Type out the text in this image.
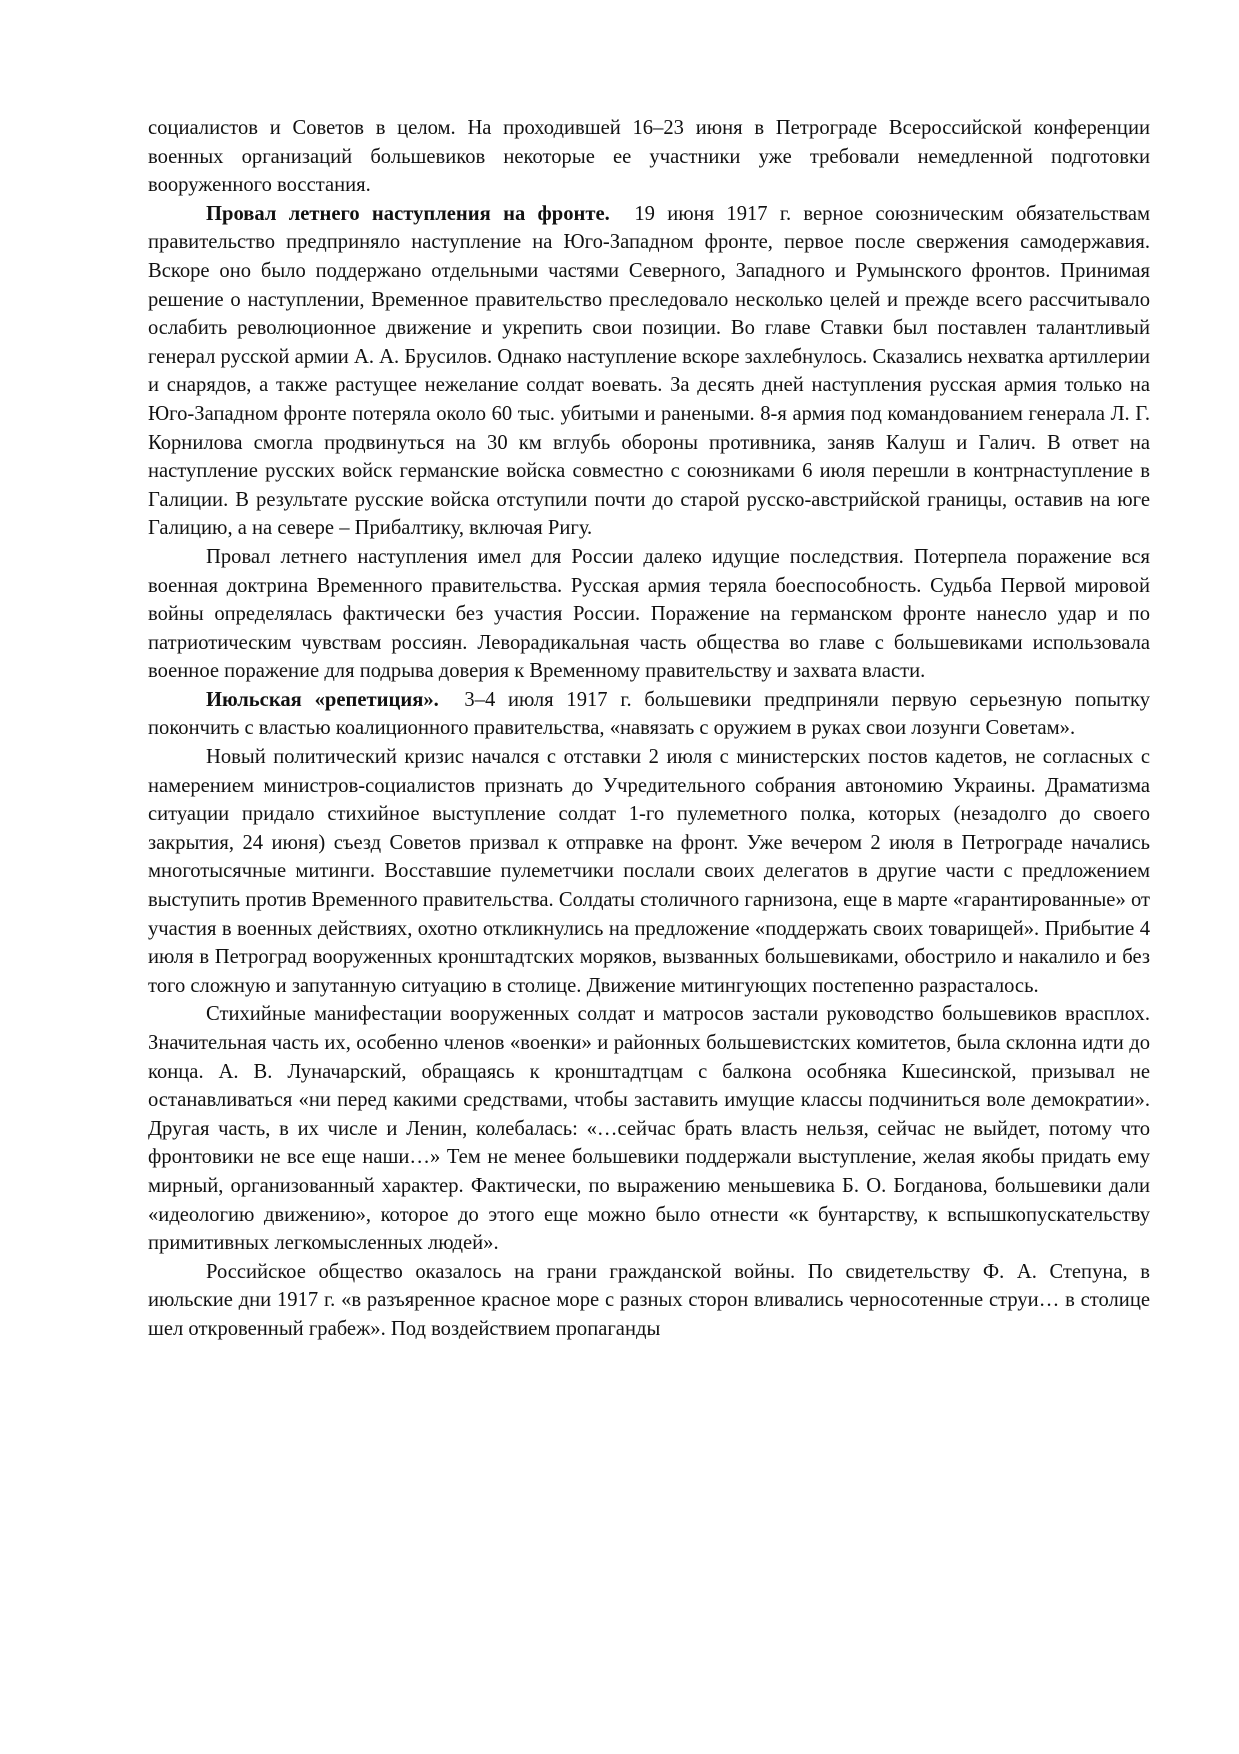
социалистов и Советов в целом. На проходившей 16–23 июня в Петрограде Всероссийской конференции военных организаций большевиков некоторые ее участники уже требовали немедленной подготовки вооруженного восстания.

Провал летнего наступления на фронте. 19 июня 1917 г. верное союзническим обязательствам правительство предприняло наступление на Юго-Западном фронте, первое после свержения самодержавия. Вскоре оно было поддержано отдельными частями Северного, Западного и Румынского фронтов. Принимая решение о наступлении, Временное правительство преследовало несколько целей и прежде всего рассчитывало ослабить революционное движение и укрепить свои позиции. Во главе Ставки был поставлен талантливый генерал русской армии А. А. Брусилов. Однако наступление вскоре захлебнулось. Сказались нехватка артиллерии и снарядов, а также растущее нежелание солдат воевать. За десять дней наступления русская армия только на Юго-Западном фронте потеряла около 60 тыс. убитыми и ранеными. 8-я армия под командованием генерала Л. Г. Корнилова смогла продвинуться на 30 км вглубь обороны противника, заняв Калуш и Галич. В ответ на наступление русских войск германские войска совместно с союзниками 6 июля перешли в контрнаступление в Галиции. В результате русские войска отступили почти до старой русско-австрийской границы, оставив на юге Галицию, а на севере – Прибалтику, включая Ригу.

Провал летнего наступления имел для России далеко идущие последствия. Потерпела поражение вся военная доктрина Временного правительства. Русская армия теряла боеспособность. Судьба Первой мировой войны определялась фактически без участия России. Поражение на германском фронте нанесло удар и по патриотическим чувствам россиян. Леворадикальная часть общества во главе с большевиками использовала военное поражение для подрыва доверия к Временному правительству и захвата власти.

Июльская «репетиция». 3–4 июля 1917 г. большевики предприняли первую серьезную попытку покончить с властью коалиционного правительства, «навязать с оружием в руках свои лозунги Советам».

Новый политический кризис начался с отставки 2 июля с министерских постов кадетов, не согласных с намерением министров-социалистов признать до Учредительного собрания автономию Украины. Драматизма ситуации придало стихийное выступление солдат 1-го пулеметного полка, которых (незадолго до своего закрытия, 24 июня) съезд Советов призвал к отправке на фронт. Уже вечером 2 июля в Петрограде начались многотысячные митинги. Восставшие пулеметчики послали своих делегатов в другие части с предложением выступить против Временного правительства. Солдаты столичного гарнизона, еще в марте «гарантированные» от участия в военных действиях, охотно откликнулись на предложение «поддержать своих товарищей». Прибытие 4 июля в Петроград вооруженных кронштадтских моряков, вызванных большевиками, обострило и накалило и без того сложную и запутанную ситуацию в столице. Движение митингующих постепенно разрасталось.

Стихийные манифестации вооруженных солдат и матросов застали руководство большевиков врасплох. Значительная часть их, особенно членов «военки» и районных большевистских комитетов, была склонна идти до конца. А. В. Луначарский, обращаясь к кронштадтцам с балкона особняка Кшесинской, призывал не останавливаться «ни перед какими средствами, чтобы заставить имущие классы подчиниться воле демократии». Другая часть, в их числе и Ленин, колебалась: «…сейчас брать власть нельзя, сейчас не выйдет, потому что фронтовики не все еще наши…» Тем не менее большевики поддержали выступление, желая якобы придать ему мирный, организованный характер. Фактически, по выражению меньшевика Б. О. Богданова, большевики дали «идеологию движению», которое до этого еще можно было отнести «к бунтарству, к вспышкопускательству примитивных легкомысленных людей».

Российское общество оказалось на грани гражданской войны. По свидетельству Ф. А. Степуна, в июльские дни 1917 г. «в разъяренное красное море с разных сторон вливались черносотенные струи… в столице шел откровенный грабеж». Под воздействием пропаганды
